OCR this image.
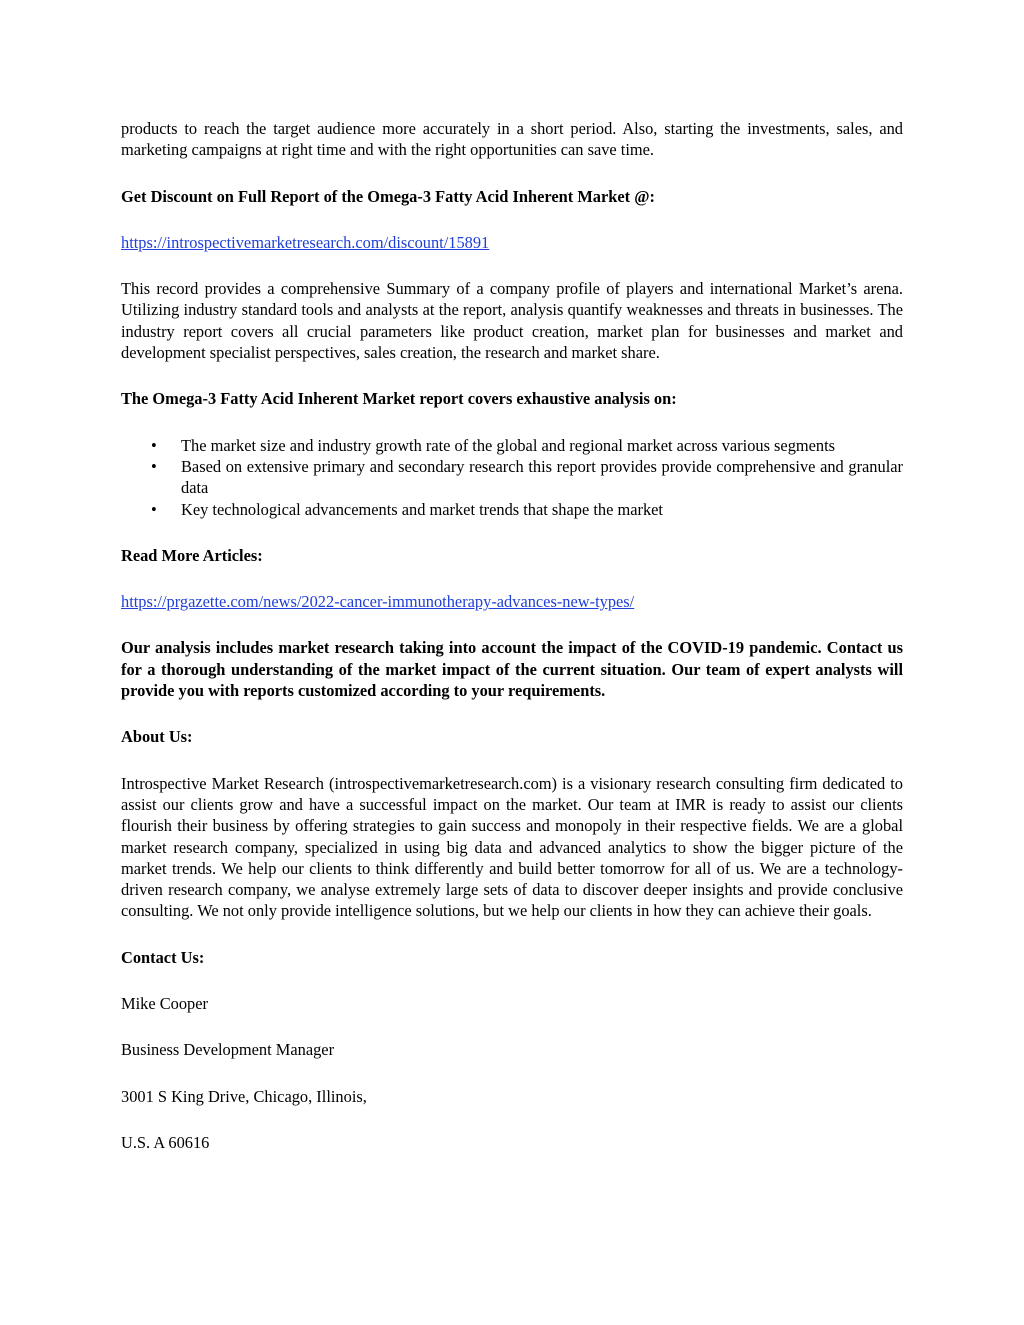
products to reach the target audience more accurately in a short period. Also, starting the investments, sales, and marketing campaigns at right time and with the right opportunities can save time.

Get Discount on Full Report of the Omega-3 Fatty Acid Inherent Market @:

https://introspectivemarketresearch.com/discount/15891

This record provides a comprehensive Summary of a company profile of players and international Market’s arena. Utilizing industry standard tools and analysts at the report, analysis quantify weaknesses and threats in businesses. The industry report covers all crucial parameters like product creation, market plan for businesses and market and development specialist perspectives, sales creation, the research and market share.

The Omega-3 Fatty Acid Inherent Market report covers exhaustive analysis on:

• The market size and industry growth rate of the global and regional market across various segments
• Based on extensive primary and secondary research this report provides provide comprehensive and granular data
• Key technological advancements and market trends that shape the market

Read More Articles:

https://prgazette.com/news/2022-cancer-immunotherapy-advances-new-types/

Our analysis includes market research taking into account the impact of the COVID-19 pandemic. Contact us for a thorough understanding of the market impact of the current situation. Our team of expert analysts will provide you with reports customized according to your requirements.

About Us:

Introspective Market Research (introspectivemarketresearch.com) is a visionary research consulting firm dedicated to assist our clients grow and have a successful impact on the market. Our team at IMR is ready to assist our clients flourish their business by offering strategies to gain success and monopoly in their respective fields. We are a global market research company, specialized in using big data and advanced analytics to show the bigger picture of the market trends. We help our clients to think differently and build better tomorrow for all of us. We are a technology-driven research company, we analyse extremely large sets of data to discover deeper insights and provide conclusive consulting. We not only provide intelligence solutions, but we help our clients in how they can achieve their goals.

Contact Us:

Mike Cooper

Business Development Manager

3001 S King Drive, Chicago, Illinois,

U.S. A 60616
